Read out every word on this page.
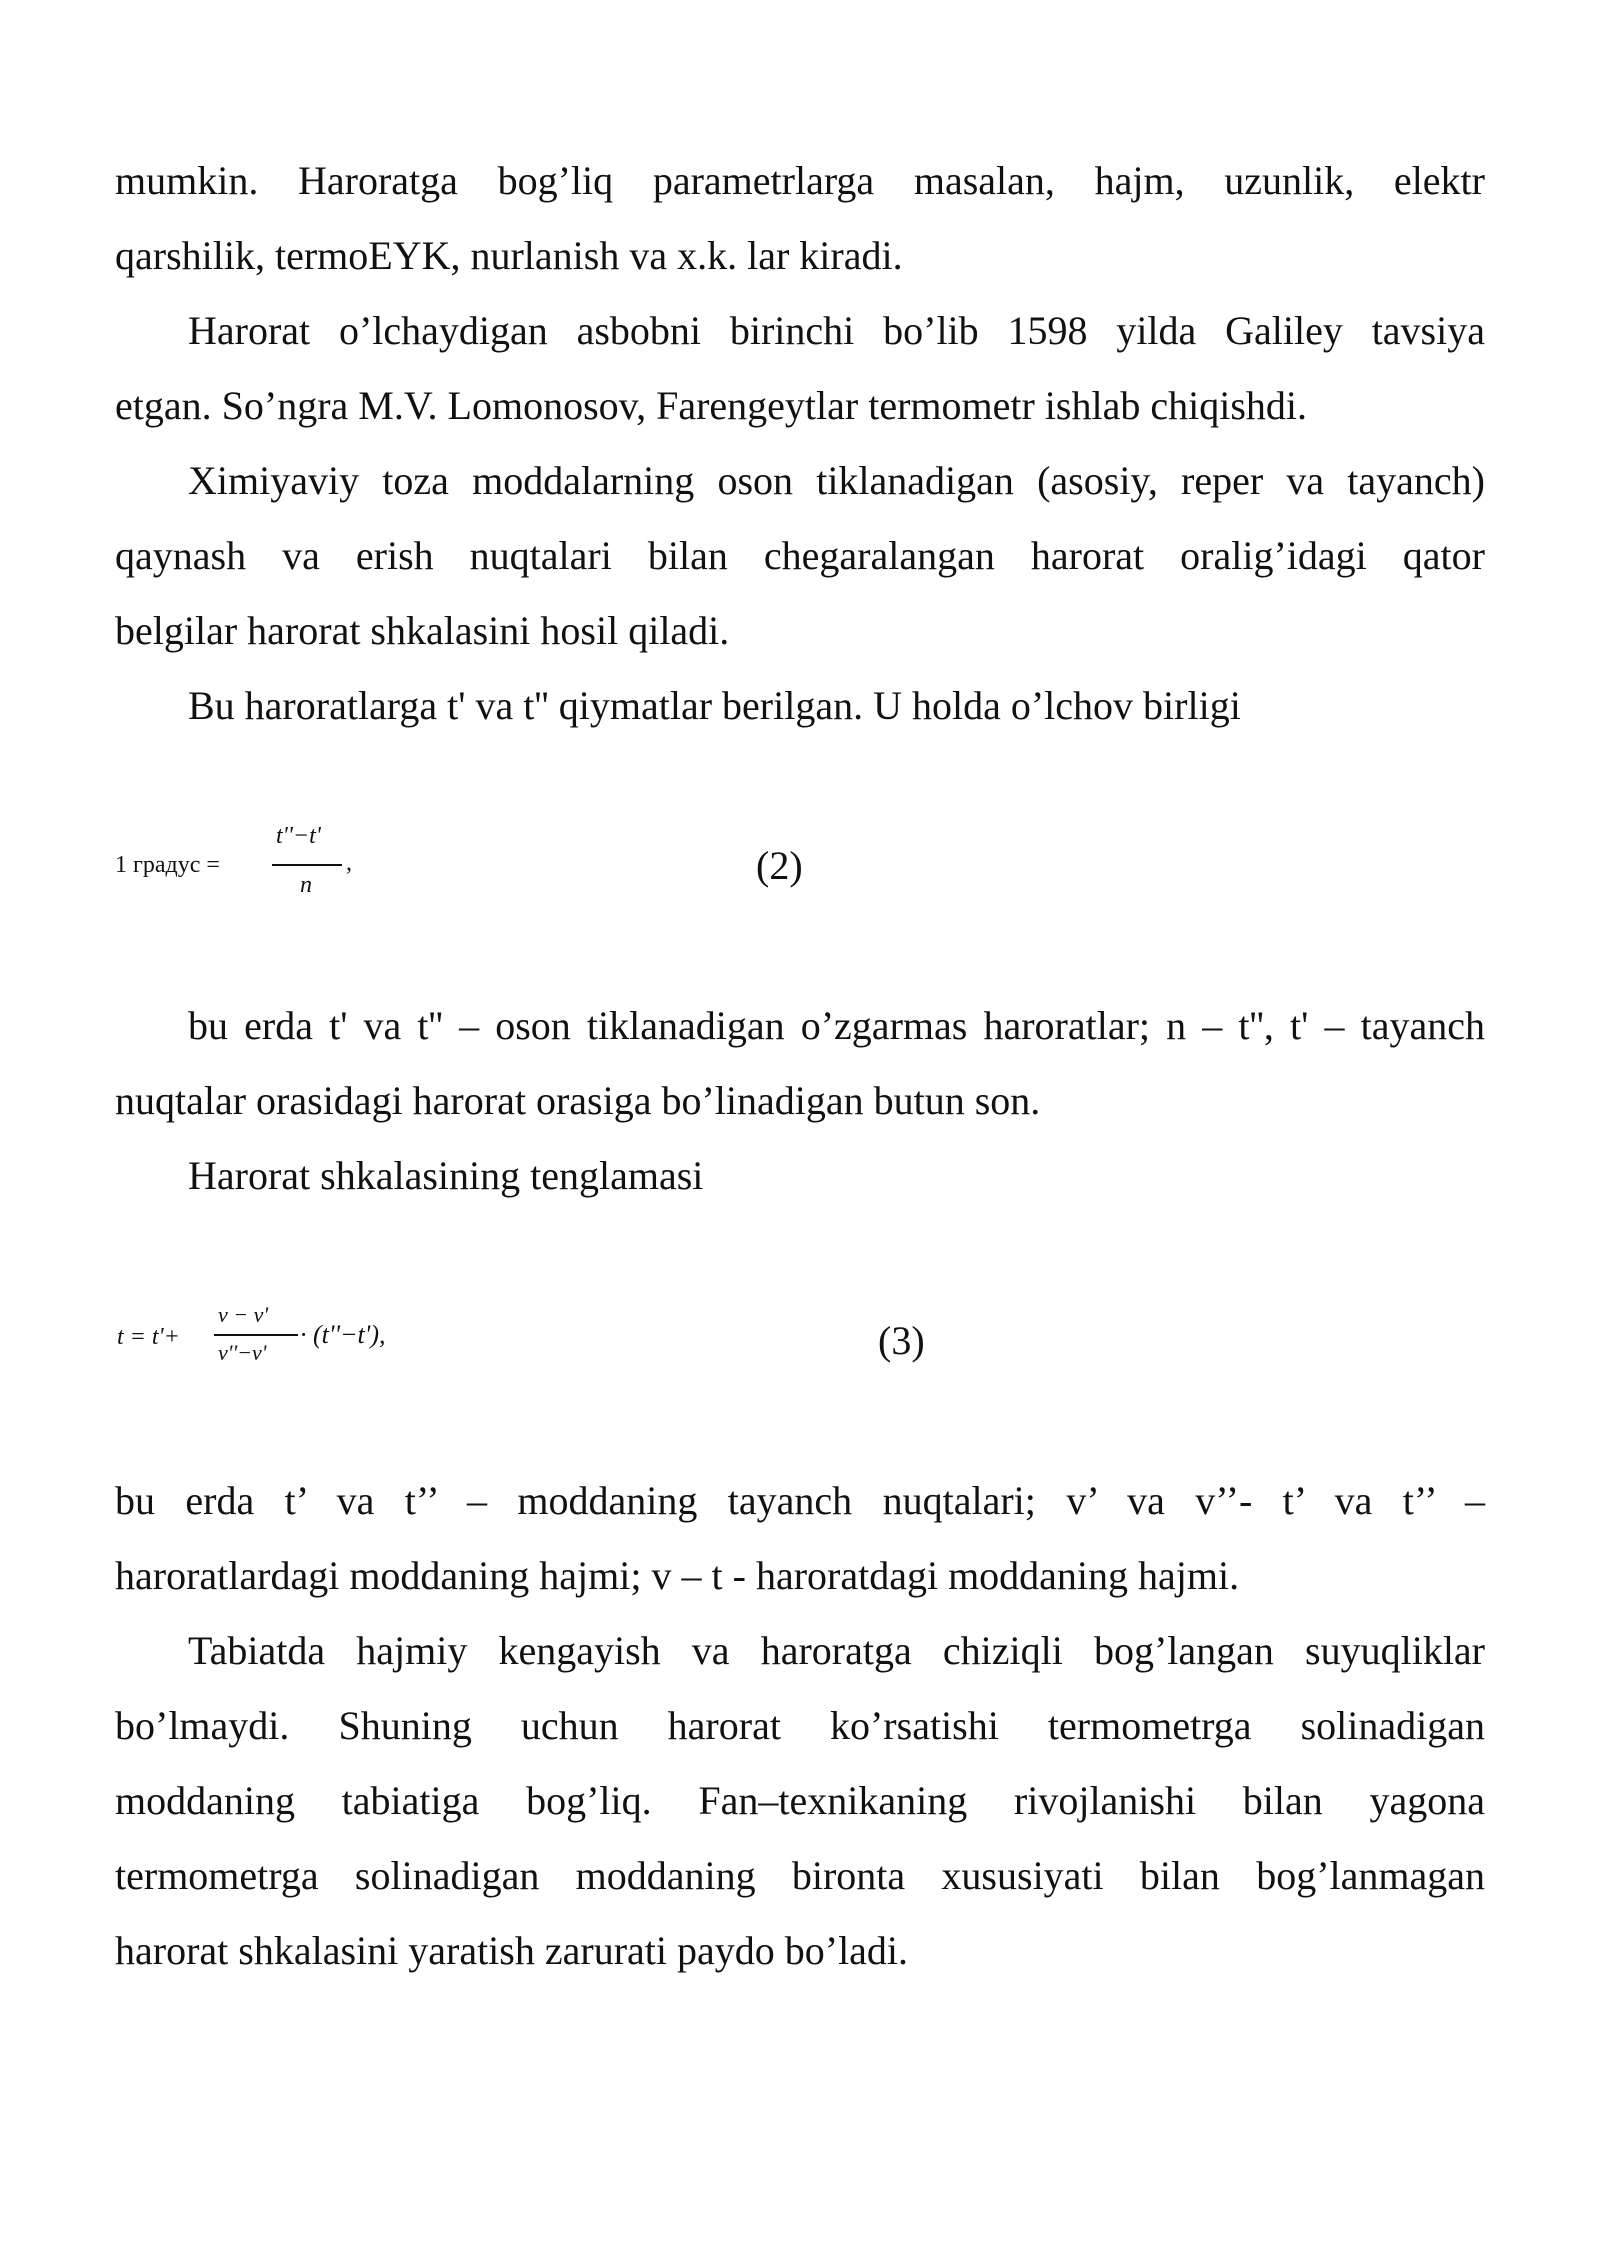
mumkin. Haroratga bog’liq parametrlarga masalan, hajm, uzunlik, elektr
qarshilik, termoEYK, nurlanish va x.k. lar kiradi.
Harorat o’lchaydigan asbobni birinchi bo’lib 1598 yilda Galiley tavsiya
etgan. So’ngra M.V. Lomonosov, Farengeytlar termometr ishlab chiqishdi.
Ximiyaviy toza moddalarning oson tiklanadigan (asosiy, reper va tayanch)
qaynash va erish nuqtalari bilan chegaralangan harorat oralig’idagi qator
belgilar harorat shkalasini hosil qiladi.
Bu haroratlarga t' va t'' qiymatlar berilgan. U holda o’lchov birligi
1 градус =
t''−t'
n
,	(2)
bu erda t' va t'' – oson tiklanadigan o’zgarmas haroratlar; n – t'', t' – tayanch
nuqtalar orasidagi harorat orasiga bo’linadigan butun son.
Harorat shkalasining tenglamasi
t = t'+
v − v'
v''−v'
· (t''−t'),	(3)
bu erda t’ va t’’ – moddaning tayanch nuqtalari; v’ va v’’- t’ va t’’ –
haroratlardagi moddaning hajmi; v – t - haroratdagi moddaning hajmi.
Tabiatda hajmiy kengayish va haroratga chiziqli bog’langan suyuqliklar
bo’lmaydi. Shuning uchun harorat ko’rsatishi termometrga solinadigan
moddaning tabiatiga bog’liq. Fan–texnikaning rivojlanishi bilan yagona
termometrga solinadigan moddaning bironta xususiyati bilan bog’lanmagan
harorat shkalasini yaratish zarurati paydo bo’ladi.
